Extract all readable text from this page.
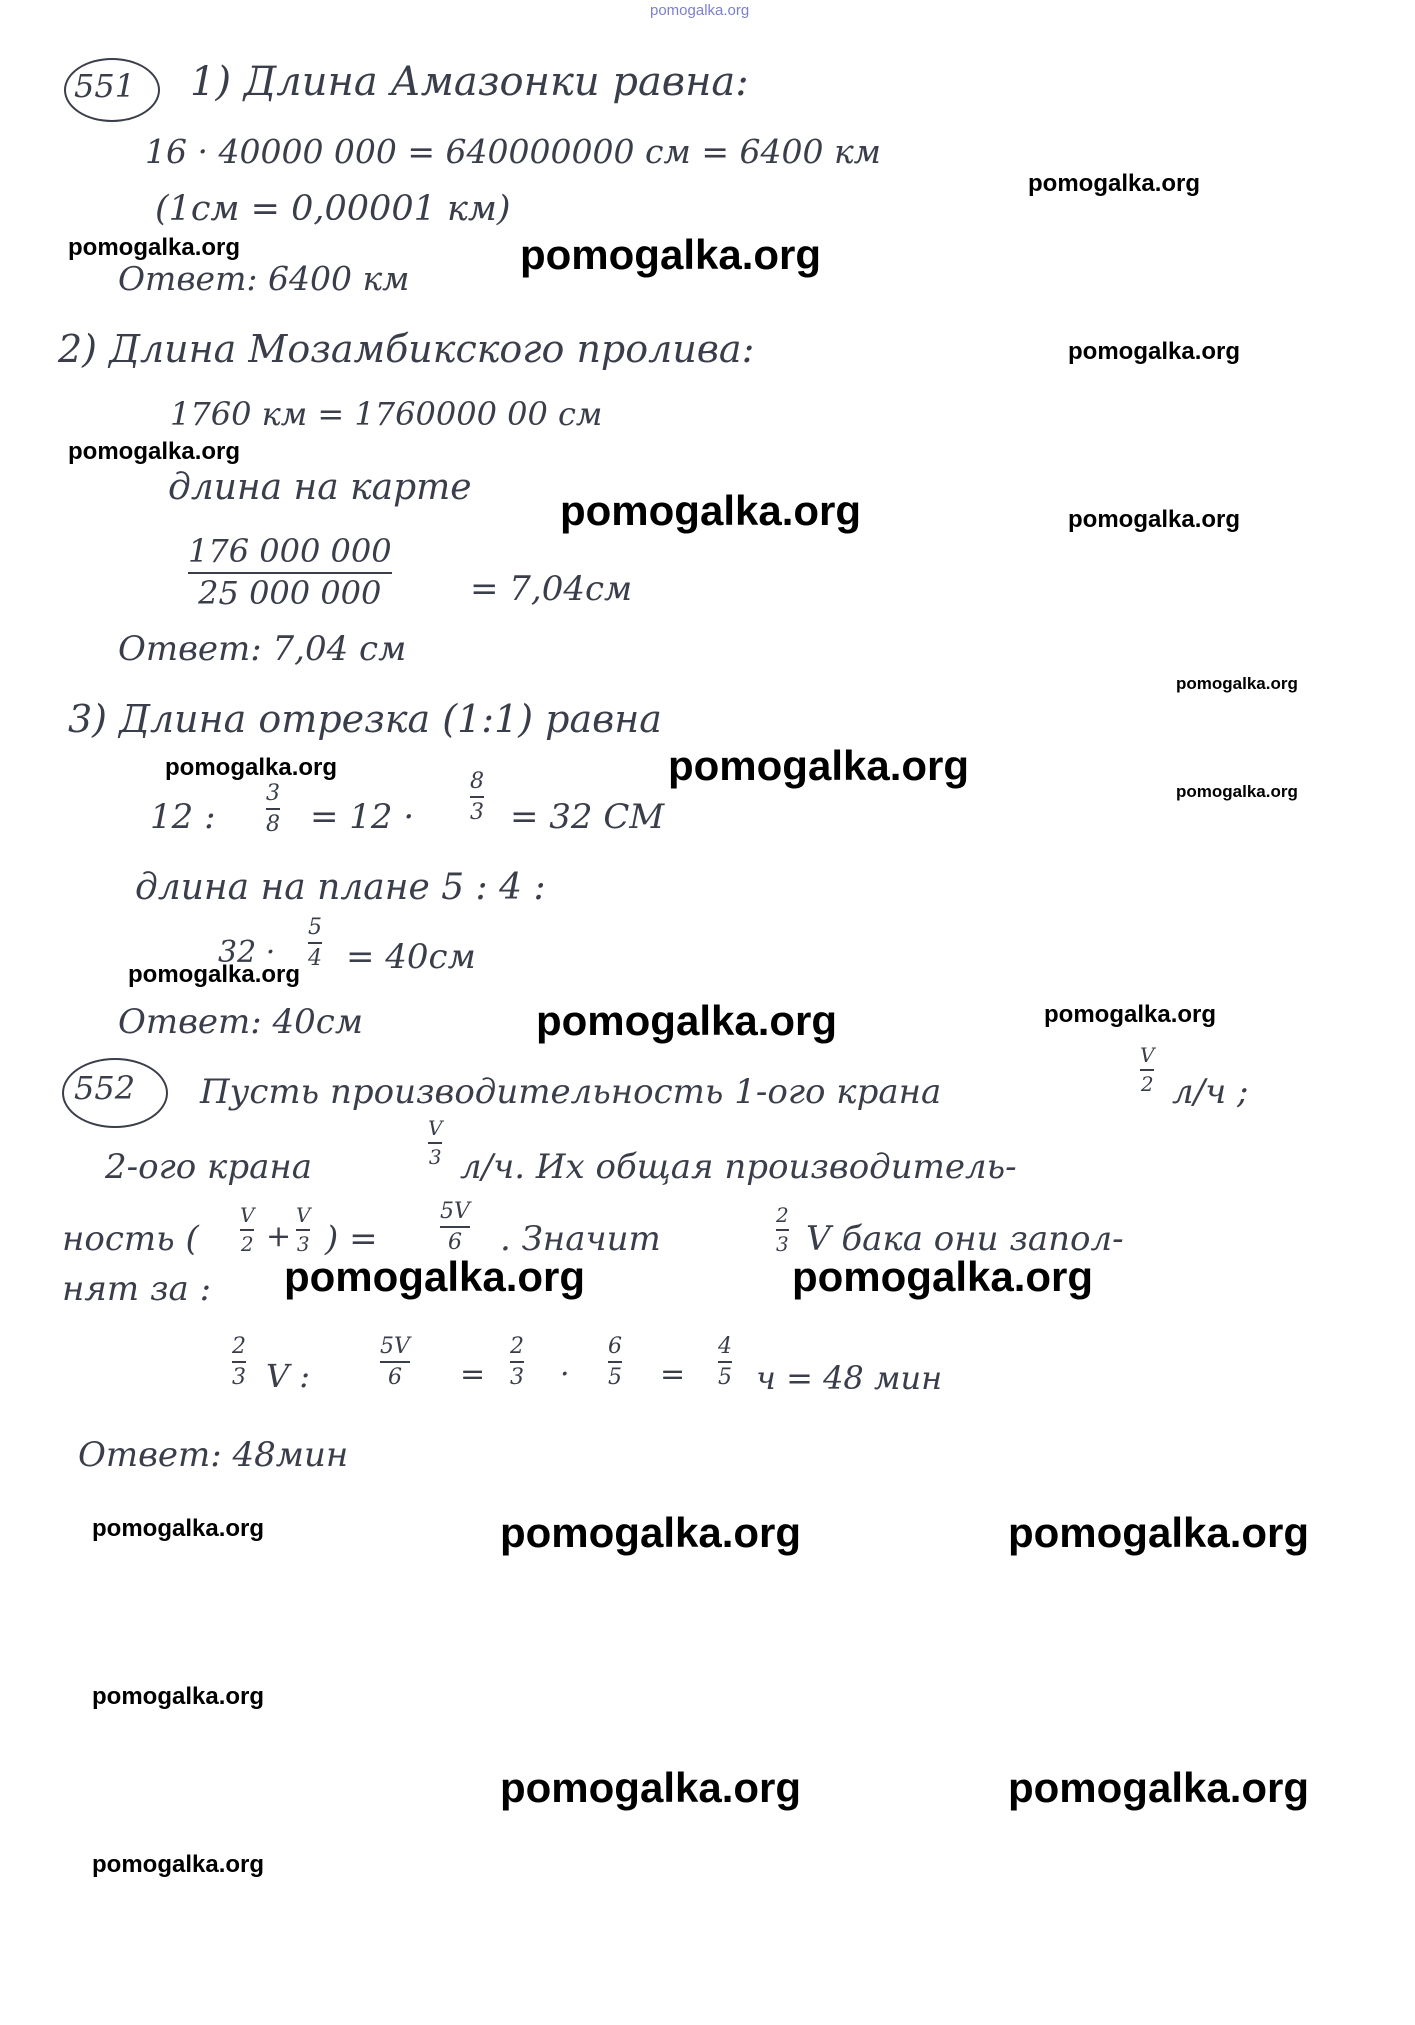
pomogalka.org
551 1) Длина Амазонки равна:
16 · 40000 000 = 640000000 см = 6400 км
(1см = 0,00001 км)
Ответ: 6400 км
2) Длина Мозамбикского пролива:
1760 км = 1760000 00 см
длина на карте
176 000 000
25 000 000	= 7,04см
Ответ: 7,04 см
3) Длина отрезка (1:1) равна
12 :
3
8 = 12 ·
8
3 = 32 СМ
длина на плане 5 : 4 :
32 ·
5
4 = 40см
Ответ: 40см
552 Пусть производительность 1-ого крана
V
2 л/ч ;
2-ого крана
V
3 л/ч. Их общая производитель-
ность (
V
2 +
V
3 ) =
5V
6 . Значит
2
3 V бака они запол-
нят за :
2
3 V :
5V
6 =
2
3 ·
6
5 =
4
5 ч = 48 мин
Ответ: 48мин
pomogalka.org
pomogalka.org	pomogalka.org
pomogalka.org
pomogalka.org
pomogalka.org	pomogalka.org
pomogalka.org
pomogalka.org	pomogalka.org
pomogalka.org
pomogalka.org
pomogalka.org	pomogalka.org
pomogalka.org	pomogalka.org
pomogalka.org	pomogalka.org	pomogalka.org
pomogalka.org
pomogalka.org	pomogalka.org
pomogalka.org
